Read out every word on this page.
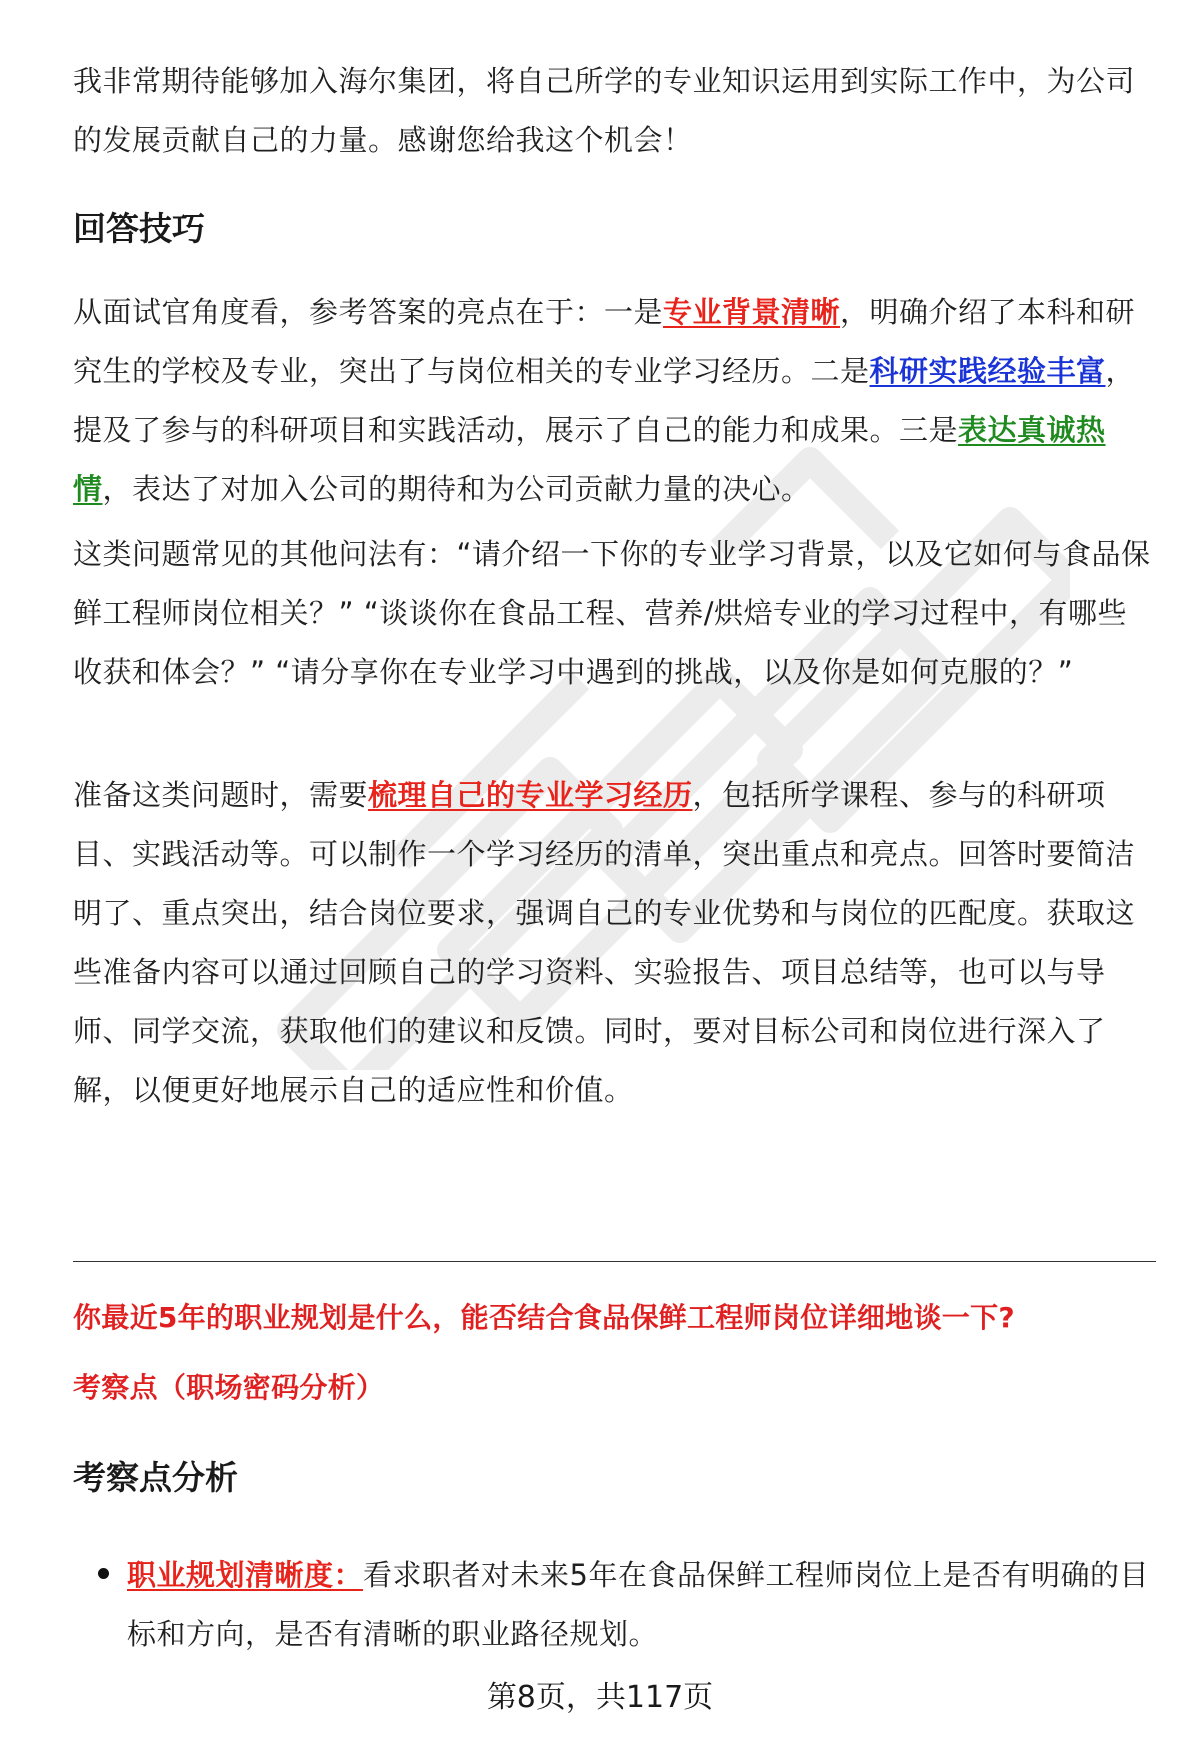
我非常期待能够加入海尔集团，将自己所学的专业知识运用到实际工作中，为公司的发展贡献自己的力量。感谢您给我这个机会！

回答技巧

从面试官角度看，参考答案的亮点在于：一是专业背景清晰，明确介绍了本科和研究生的学校及专业，突出了与岗位相关的专业学习经历。二是科研实践经验丰富，提及了参与的科研项目和实践活动，展示了自己的能力和成果。三是表达真诚热情，表达了对加入公司的期待和为公司贡献力量的决心。

这类问题常见的其他问法有：“请介绍一下你的专业学习背景，以及它如何与食品保鲜工程师岗位相关？” “谈谈你在食品工程、营养/烘焙专业的学习过程中，有哪些收获和体会？” “请分享你在专业学习中遇到的挑战，以及你是如何克服的？”

准备这类问题时，需要梳理自己的专业学习经历，包括所学课程、参与的科研项目、实践活动等。可以制作一个学习经历的清单，突出重点和亮点。回答时要简洁明了、重点突出，结合岗位要求，强调自己的专业优势和与岗位的匹配度。获取这些准备内容可以通过回顾自己的学习资料、实验报告、项目总结等，也可以与导师、同学交流，获取他们的建议和反馈。同时，要对目标公司和岗位进行深入了解，以便更好地展示自己的适应性和价值。

你最近5年的职业规划是什么，能否结合食品保鲜工程师岗位详细地谈一下?

考察点（职场密码分析）

考察点分析

职业规划清晰度：看求职者对未来5年在食品保鲜工程师岗位上是否有明确的目标和方向，是否有清晰的职业路径规划。

第8页，共117页
